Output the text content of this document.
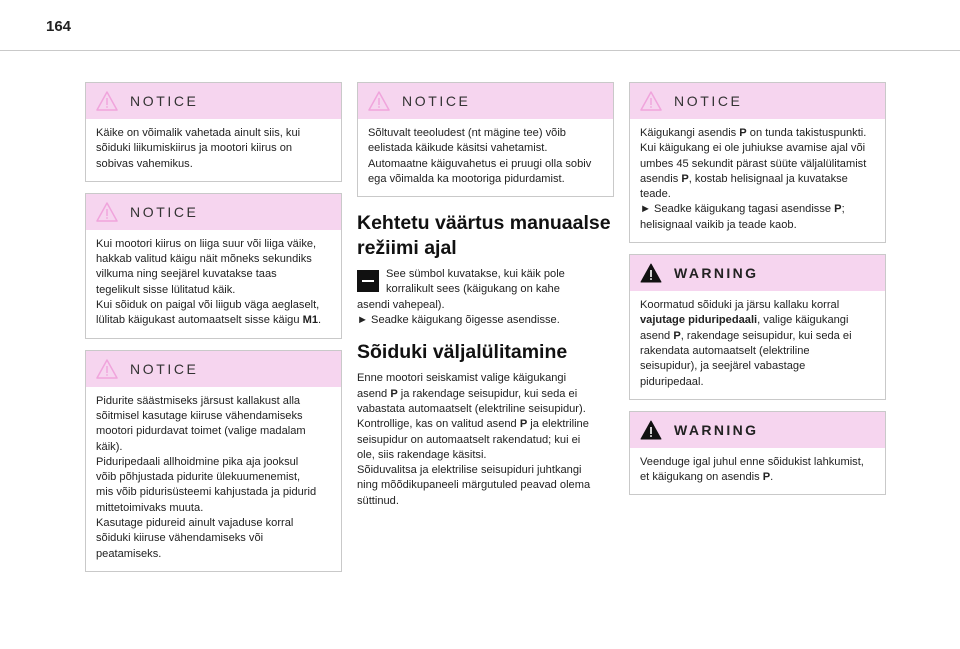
164
NOTICE

Käike on võimalik vahetada ainult siis, kui

sõiduki liikumiskiirus ja mootori kiirus on

sobivas vahemikus.

NOTICE

Kui mootori kiirus on liiga suur või liiga väike,

hakkab valitud käigu näit mõneks sekundiks

vilkuma ning seejärel kuvatakse taas

tegelikult sisse lülitatud käik.

Kui sõiduk on paigal või liigub väga aeglaselt,

lülitab käigukast automaatselt sisse käigu M1.

NOTICE

Pidurite säästmiseks järsust kallakust alla

sõitmisel kasutage kiiruse vähendamiseks

mootori pidurdavat toimet (valige madalam

käik).

Piduripedaali allhoidmine pika aja jooksul

võib põhjustada pidurite ülekuumenemist,

mis võib pidurisüsteemi kahjustada ja pidurid

mittetoimivaks muuta.

Kasutage pidureid ainult vajaduse korral

sõiduki kiiruse vähendamiseks või

peatamiseks.

NOTICE

Sõltuvalt teeoludest (nt mägine tee) võib

eelistada käikude käsitsi vahetamist.

Automaatne käiguvahetus ei pruugi olla sobiv

ega võimalda ka mootoriga pidurdamist.

Kehtetu väärtus manuaalse
režiimi ajal

See sümbol kuvatakse, kui käik pole

korralikult sees (käigukang on kahe

asendi vahepeal).

► Seadke käigukang õigesse asendisse.

Sõiduki väljalülitamine

Enne mootori seiskamist valige käigukangi

asend P ja rakendage seisupidur, kui seda ei

vabastata automaatselt (elektriline seisupidur).

Kontrollige, kas on valitud asend P ja elektriline

seisupidur on automaatselt rakendatud; kui ei

ole, siis rakendage käsitsi.

Sõiduvalitsa ja elektrilise seisupiduri juhtkangi

ning mõõdikupaneeli märgutuled peavad olema

süttinud.

NOTICE

Käigukangi asendis P on tunda takistuspunkti.

Kui käigukang ei ole juhiukse avamise ajal või

umbes 45 sekundit pärast süüte väljalülitamist

asendis P, kostab helisignaal ja kuvatakse

teade.

► Seadke käigukang tagasi asendisse P;

helisignaal vaikib ja teade kaob.

WARNING

Koormatud sõiduki ja järsu kallaku korral

vajutage piduripedaali, valige käigukangi

asend P, rakendage seisupidur, kui seda ei

rakendata automaatselt (elektriline

seisupidur), ja seejärel vabastage

piduripedaal.

WARNING

Veenduge igal juhul enne sõidukist lahkumist,

et käigukang on asendis P.
